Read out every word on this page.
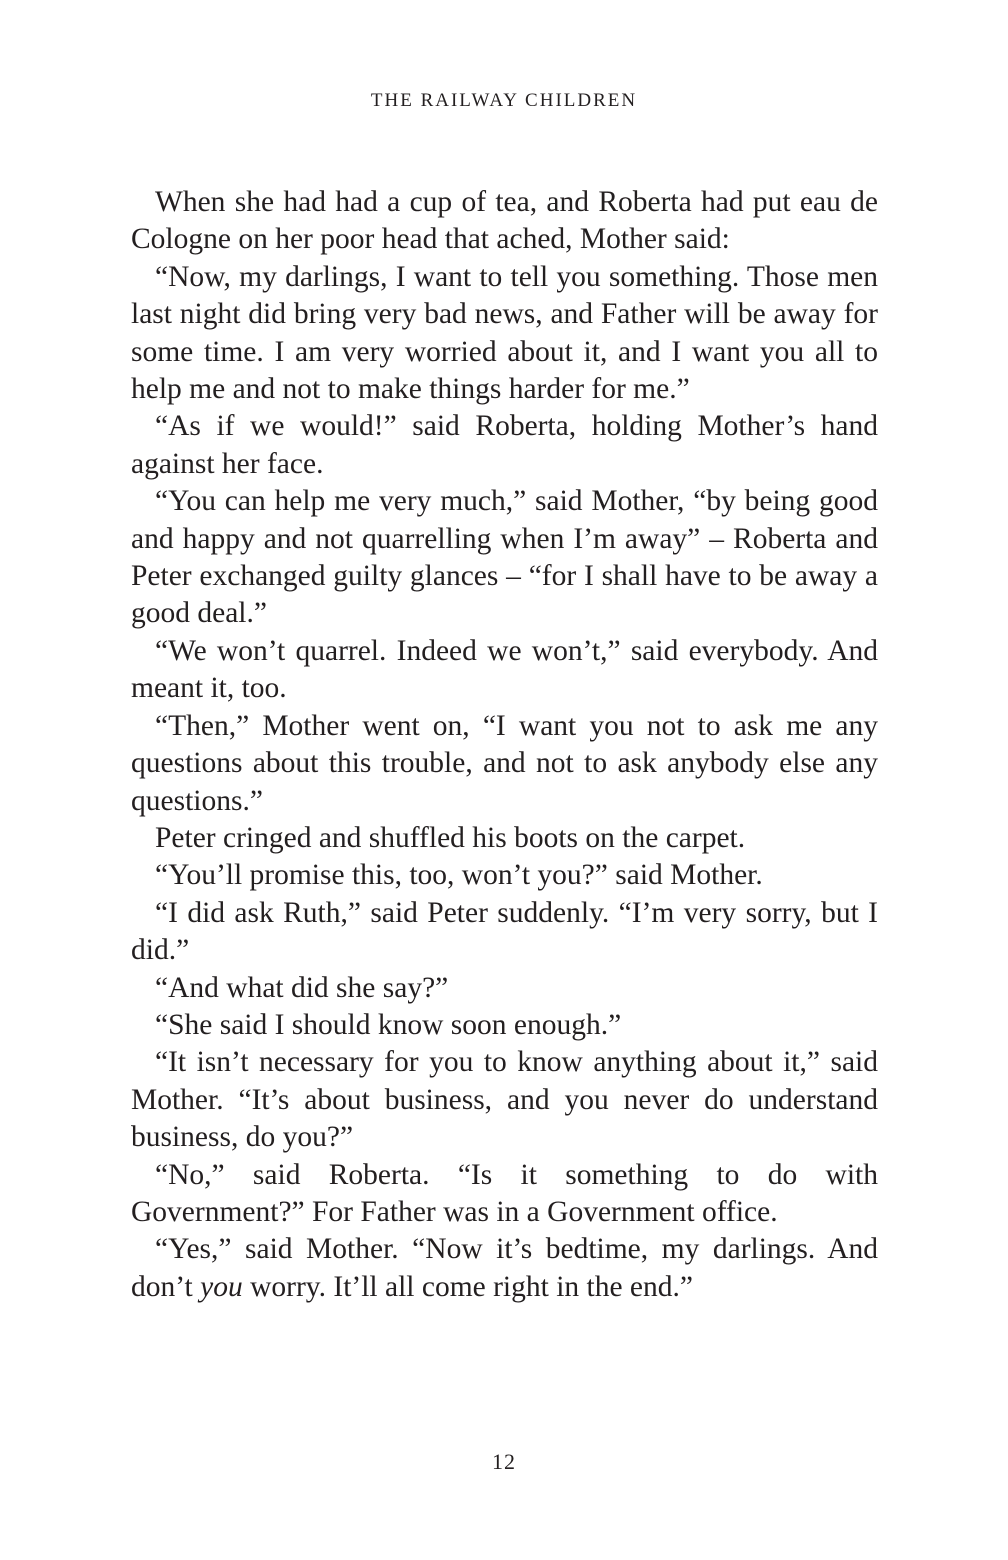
THE RAILWAY CHILDREN

When she had had a cup of tea, and Roberta had put eau de Cologne on her poor head that ached, Mother said:

“Now, my darlings, I want to tell you something. Those men last night did bring very bad news, and Father will be away for some time. I am very worried about it, and I want you all to help me and not to make things harder for me.”

“As if we would!” said Roberta, holding Mother’s hand against her face.

“You can help me very much,” said Mother, “by being good and happy and not quarrelling when I’m away” – Roberta and Peter exchanged guilty glances – “for I shall have to be away a good deal.”

“We won’t quarrel. Indeed we won’t,” said everybody. And meant it, too.

“Then,” Mother went on, “I want you not to ask me any questions about this trouble, and not to ask anybody else any questions.”

Peter cringed and shuffled his boots on the carpet.

“You’ll promise this, too, won’t you?” said Mother.

“I did ask Ruth,” said Peter suddenly. “I’m very sorry, but I did.”

“And what did she say?”

“She said I should know soon enough.”

“It isn’t necessary for you to know anything about it,” said Mother. “It’s about business, and you never do understand business, do you?”

“No,” said Roberta. “Is it something to do with Government?” For Father was in a Government office.

“Yes,” said Mother. “Now it’s bedtime, my darlings. And don’t you worry. It’ll all come right in the end.”

12
